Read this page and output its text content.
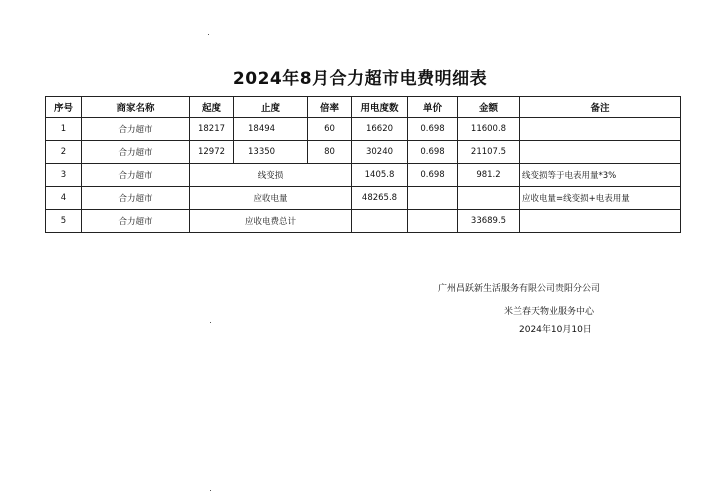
2024年8月合力超市电费明细表
序号	商家名称	起度	止度	倍率	用电度数	单价	金额	备注
1	合力超市	18217	18494	60	16620	0.698	11600.8	
2	合力超市	12972	13350	80	30240	0.698	21107.5	
3	合力超市	线变损			1405.8	0.698	981.2	线变损等于电表用量*3%
4	合力超市	应收电量			48265.8			应收电量=线变损+电表用量
5	合力超市	应收电费总计					33689.5	
广州昌跃新生活服务有限公司贵阳分公司
米兰春天物业服务中心
2024年10月10日
